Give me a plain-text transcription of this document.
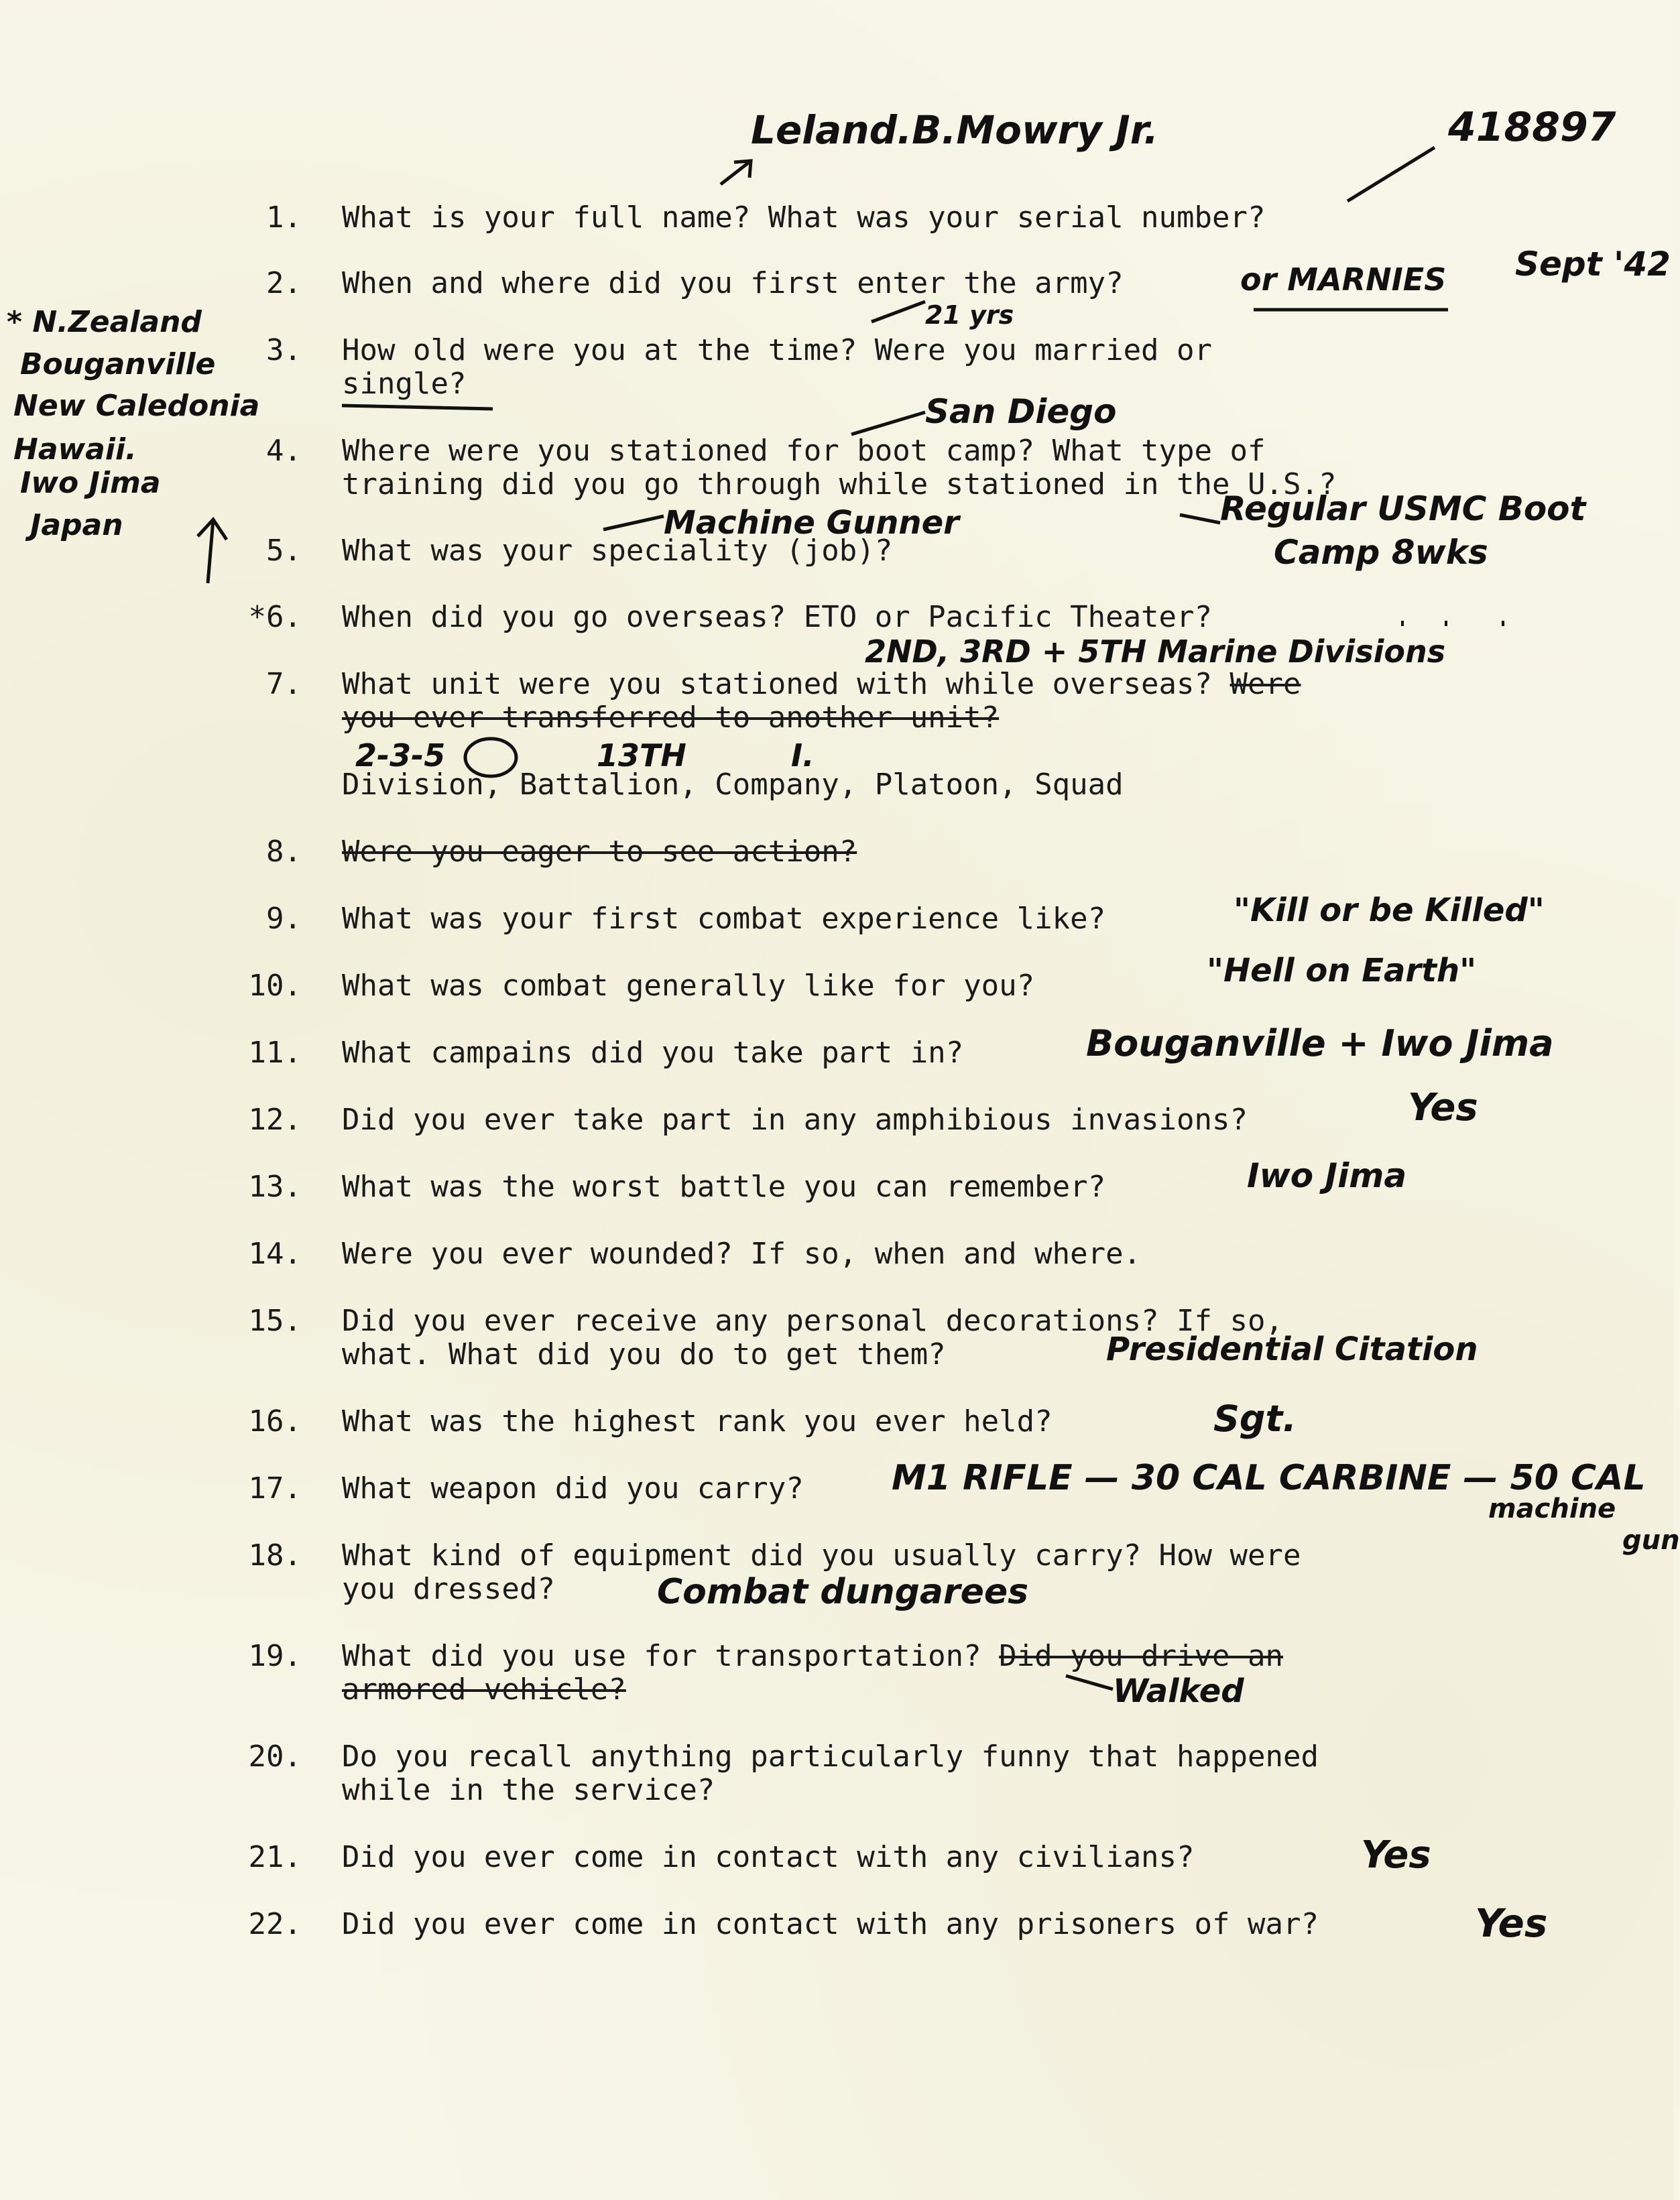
1. What is your full name? What was your serial number?
2. When and where did you first enter the army?
3. How old were you at the time? Were you married or
single?
4. Where were you stationed for boot camp? What type of
training did you go through while stationed in the U.S.?
5. What was your speciality (job)?
*6. When did you go overseas? ETO or Pacific Theater?
7. What unit were you stationed with while overseas? Were
you ever transferred to another unit?
Division, Battalion, Company, Platoon, Squad
8. Were you eager to see action?
9. What was your first combat experience like?
10. What was combat generally like for you?
11. What campains did you take part in?
12. Did you ever take part in any amphibious invasions?
13. What was the worst battle you can remember?
14. Were you ever wounded? If so, when and where.
15. Did you ever receive any personal decorations? If so,
what. What did you do to get them?
16. What was the highest rank you ever held?
17. What weapon did you carry?
18. What kind of equipment did you usually carry? How were
you dressed?
19. What did you use for transportation? Did you drive an
armored vehicle?
20. Do you recall anything particularly funny that happened
while in the service?
21. Did you ever come in contact with any civilians?
22. Did you ever come in contact with any prisoners of war?
Leland.B.Mowry Jr.	418897
or MARNIES Sept '42
21 yrs
San Diego
Regular USMC Boot
Camp 8wks
Machine Gunner
2ND, 3RD + 5TH Marine Divisions
2-3-5	13TH	I.
"Kill or be Killed"
"Hell on Earth"
Bouganville + Iwo Jima
Yes
Iwo Jima
Presidential Citation
Sgt.
M1 RIFLE — 30 CAL CARBINE — 50 CAL
machine
gun
Combat dungarees
Walked
Yes
Yes
* N.Zealand
Bouganville
New Caledonia
Hawaii.
Iwo Jima
Japan
